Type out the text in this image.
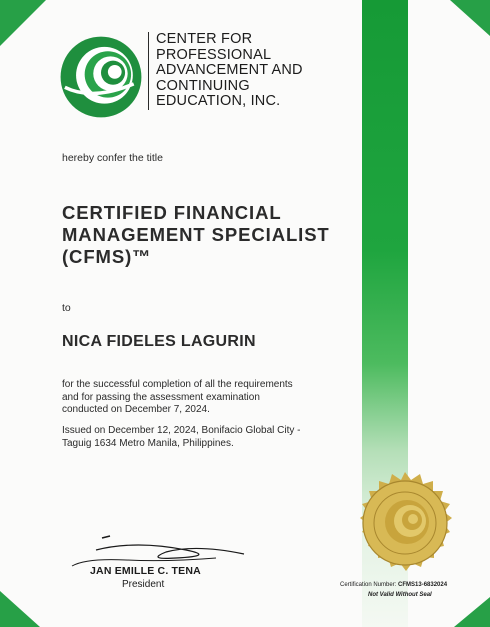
CENTER FOR
PROFESSIONAL
ADVANCEMENT AND
CONTINUING
EDUCATION, INC.
hereby confer the title
CERTIFIED FINANCIAL
MANAGEMENT SPECIALIST
(CFMS)™
to
NICA FIDELES LAGURIN
for the successful completion of all the requirements
and for passing the assessment examination
conducted on December 7, 2024.
Issued on December 12, 2024, Bonifacio Global City -
Taguig 1634 Metro Manila, Philippines.
JAN EMILLE C. TENA
President	Certification Number: CFMS13-6832024
Not Valid Without Seal
